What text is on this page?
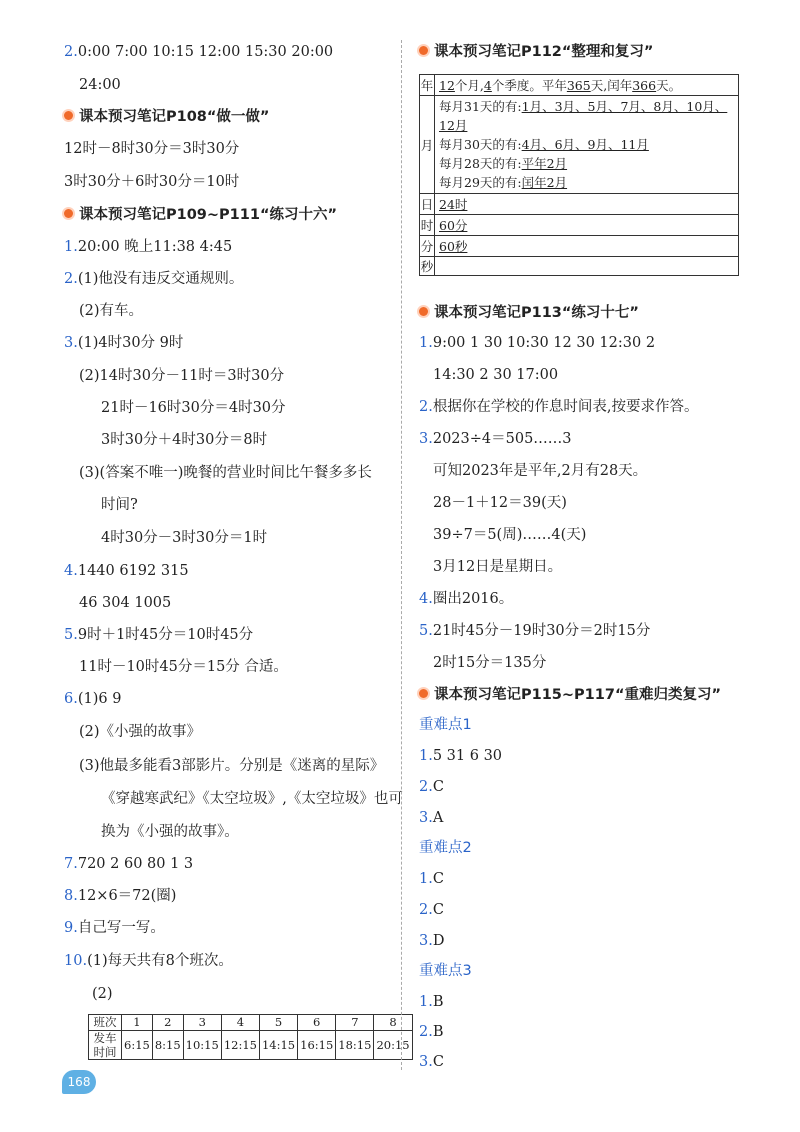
2.0:00 7:00 10:15 12:00 15:30 20:00
24:00
课本预习笔记P108“做一做”
12时－8时30分＝3时30分
3时30分＋6时30分＝10时
课本预习笔记P109~P111“练习十六”
1.20:00 晚上11:38 4:45
2.(1)他没有违反交通规则。
(2)有车。
3.(1)4时30分 9时
(2)14时30分－11时＝3时30分
21时－16时30分＝4时30分
3时30分＋4时30分＝8时
(3)(答案不唯一)晚餐的营业时间比午餐多多长
时间?
4时30分－3时30分＝1时
4.1440 6192 315
46 304 1005
5.9时＋1时45分＝10时45分
11时－10时45分＝15分 合适。
6.(1)6 9
(2)《小强的故事》
(3)他最多能看3部影片。分别是《迷离的星际》
《穿越寒武纪》《太空垃圾》,《太空垃圾》也可
换为《小强的故事》。
7.720 2 60 80 1 3
8.12×6＝72(圈)
9.自己写一写。
10.(1)每天共有8个班次。
(2)
班次	1	2	3	4	5	6	7	8
发车时间	6:15	8:15	10:15	12:15	14:15	16:15	18:15	20:15
课本预习笔记P112“整理和复习”
年	12个月,4个季度。平年365天,闰年366天。
月	每月31天的有:1月、3月、5月、7月、8月、10月、
12月
每月30天的有:4月、6月、9月、11月
每月28天的有:平年2月
每月29天的有:闰年2月

日	24时
时	60分
分	60秒
秒	
课本预习笔记P113“练习十七”
1.9:00 1 30 10:30 12 30 12:30 2
14:30 2 30 17:00
2.根据你在学校的作息时间表,按要求作答。
3.2023÷4＝505……3
可知2023年是平年,2月有28天。
28－1＋12＝39(天)
39÷7＝5(周)……4(天)
3月12日是星期日。
4.圈出2016。
5.21时45分－19时30分＝2时15分
2时15分＝135分
课本预习笔记P115~P117“重难归类复习”
重难点1
1.5 31 6 30
2.C
3.A
重难点2
1.C
2.C
3.D
重难点3
1.B
2.B
3.C
168
